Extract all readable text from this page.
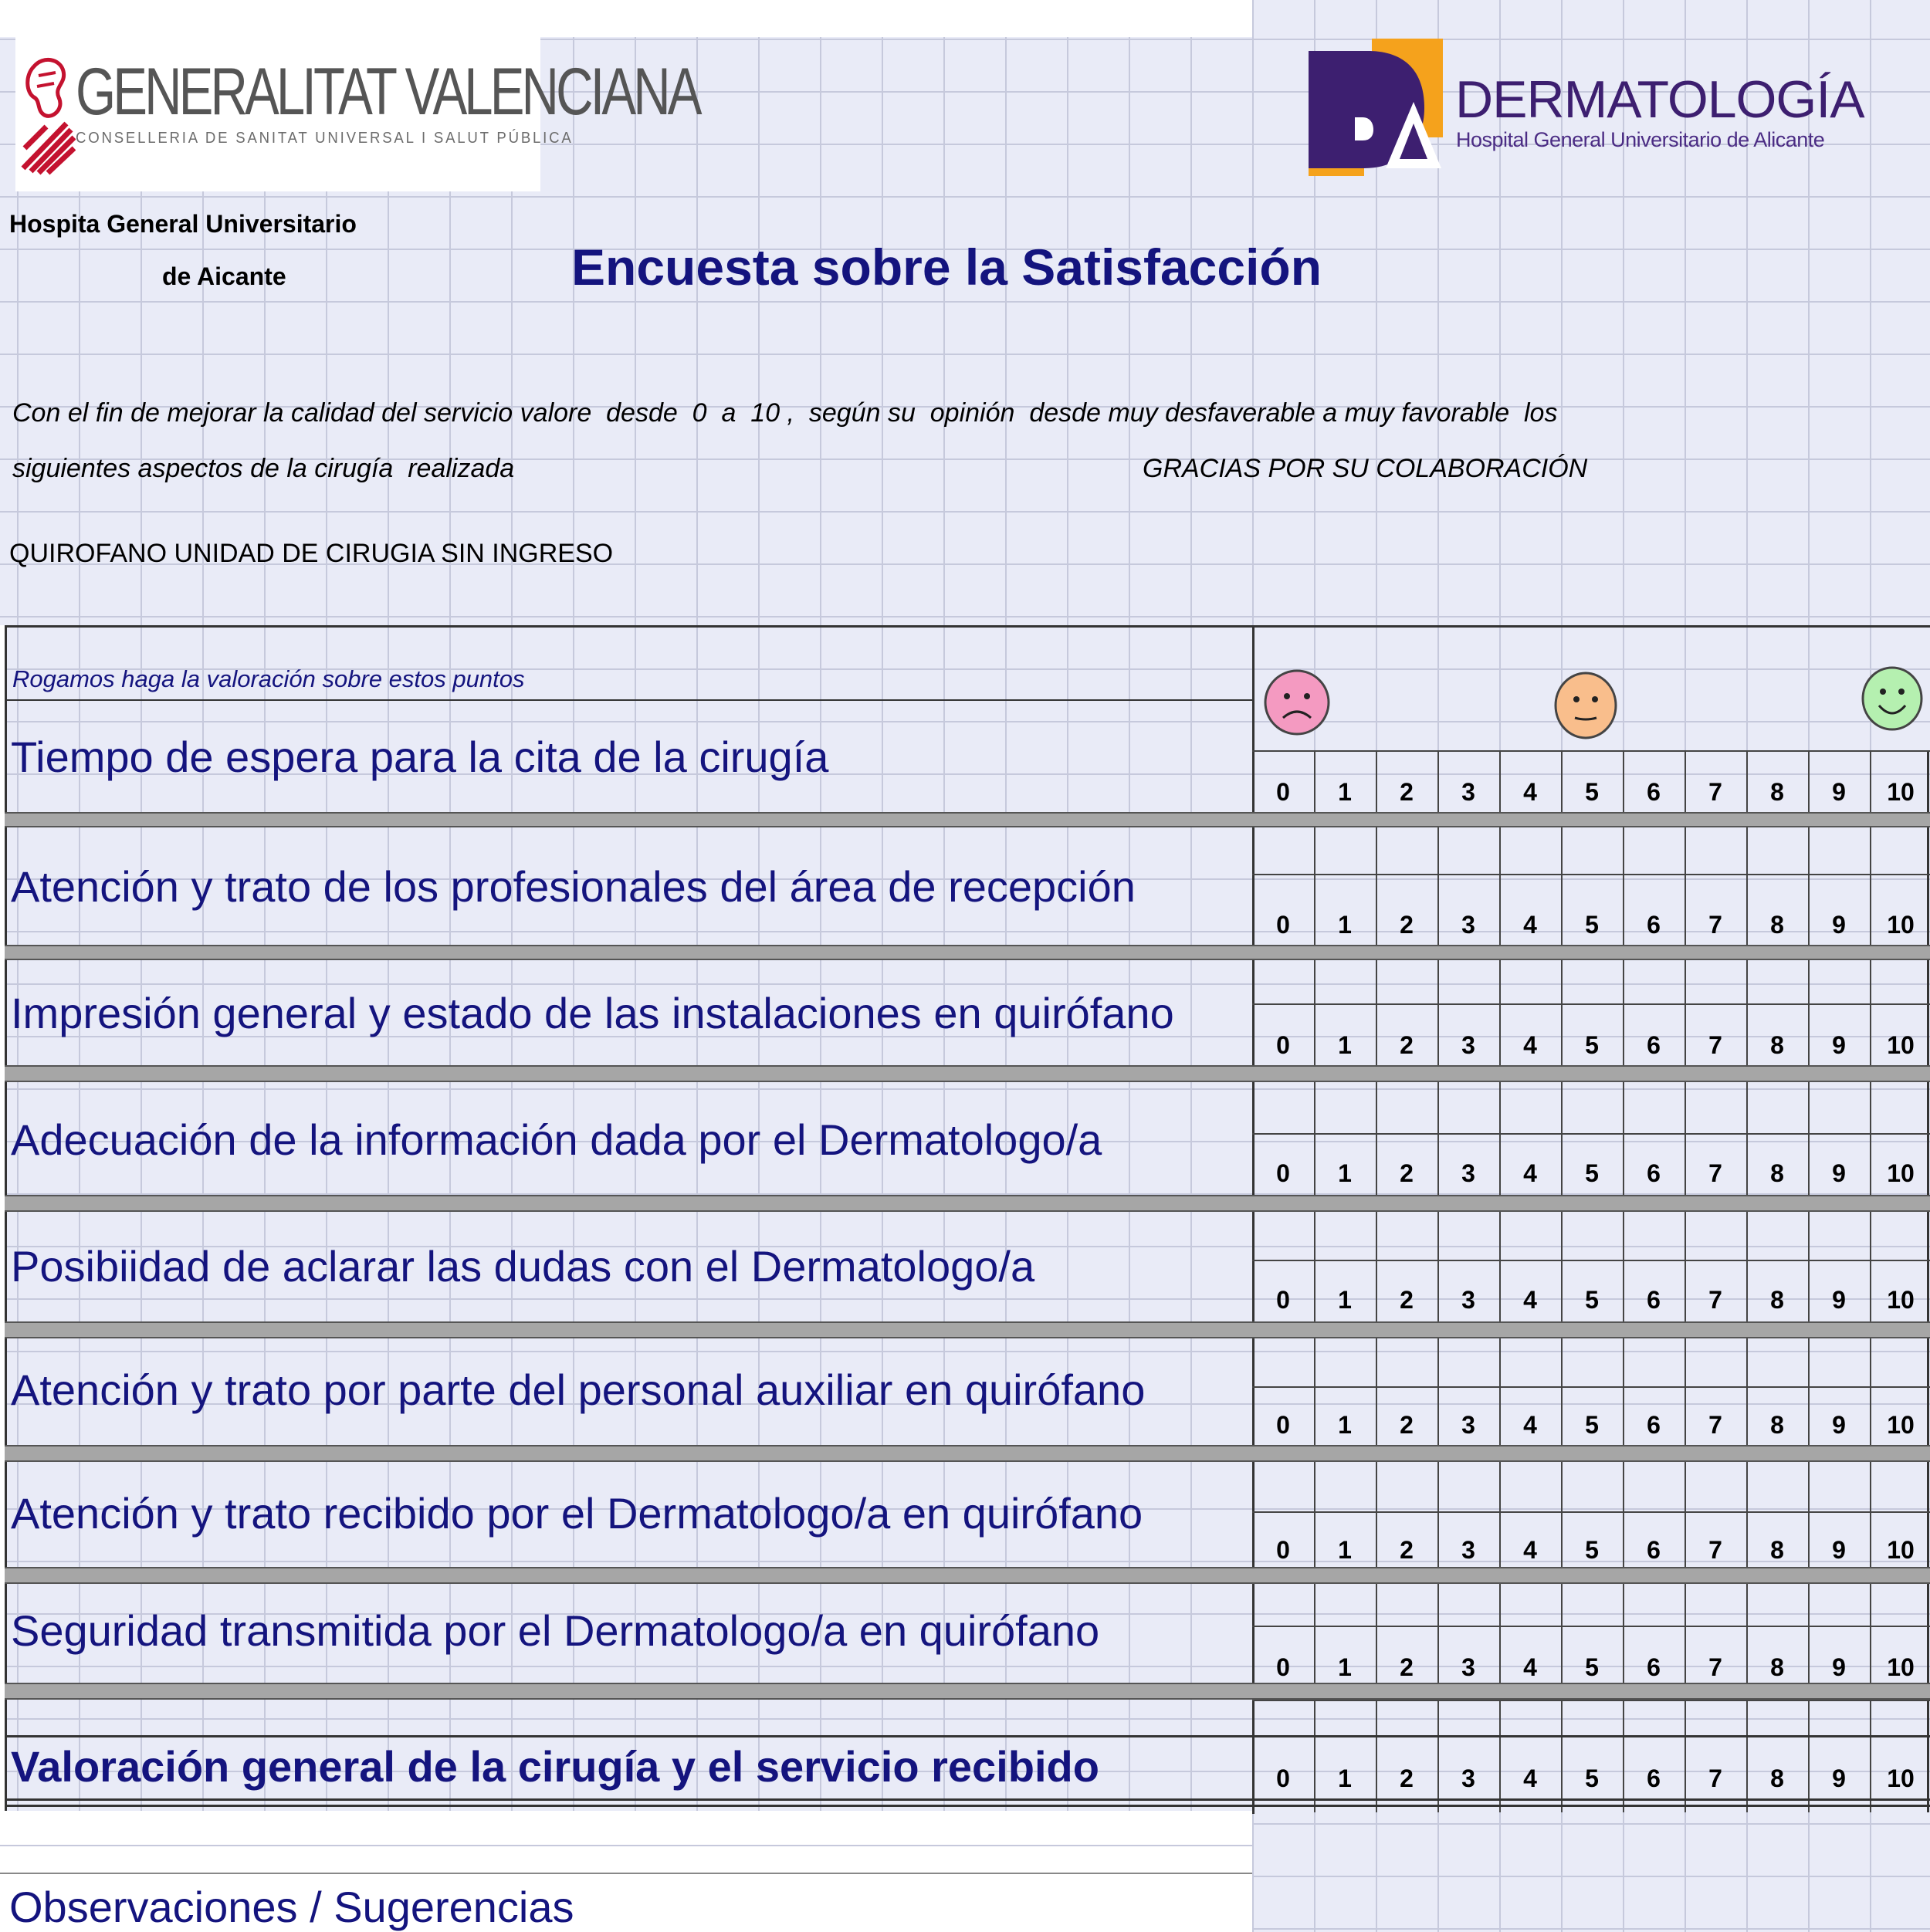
GENERALITAT VALENCIANA
CONSELLERIA DE SANITAT UNIVERSAL I SALUT PÚBLICA
DERMATOLOGÍA
Hospital General Universitario de Alicante
Hospita General Universitario
de Aicante	Encuesta sobre la Satisfacción
Con el fin de mejorar la calidad del servicio valore  desde  0  a  10 ,  según su  opinión  desde muy desfaverable a muy favorable  los
siguientes aspectos de la cirugía  realizada	GRACIAS POR SU COLABORACIÓN
QUIROFANO UNIDAD DE CIRUGIA SIN INGRESO
Rogamos haga la valoración sobre estos puntos
Tiempo de espera para la cita de la cirugía
0	1	2	3	4	5	6	7	8	9	10
Atención y trato de los profesionales del área de recepción
0	1	2	3	4	5	6	7	8	9	10
Impresión general y estado de las instalaciones en quirófano
0	1	2	3	4	5	6	7	8	9	10
Adecuación de la información dada por el Dermatologo/a
0	1	2	3	4	5	6	7	8	9	10
Posibiidad de aclarar las dudas con el Dermatologo/a
0	1	2	3	4	5	6	7	8	9	10
Atención y trato por parte del personal auxiliar en quirófano
0	1	2	3	4	5	6	7	8	9	10
Atención y trato recibido por el Dermatologo/a en quirófano
0	1	2	3	4	5	6	7	8	9	10
Seguridad transmitida por el Dermatologo/a en quirófano
0	1	2	3	4	5	6	7	8	9	10
Valoración general de la cirugía y el servicio recibido	0	1	2	3	4	5	6	7	8	9	10
Observaciones / Sugerencias
